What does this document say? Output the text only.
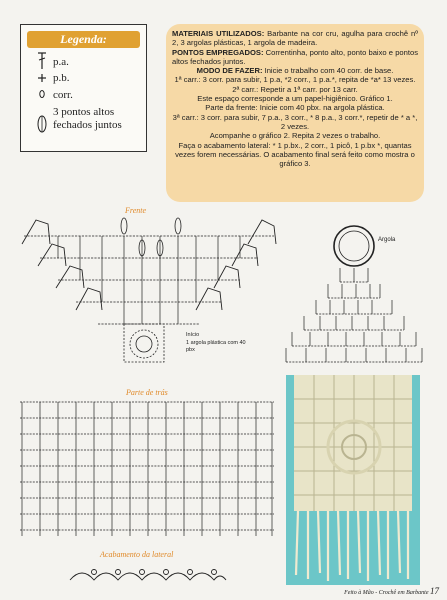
Legenda:
p.a.
p.b.
corr.
3 pontos altos fechados juntos

MATERIAIS UTILIZADOS: Barbante na cor cru, agulha para crochê nº 2, 3 argolas plásticas, 1 argola de madeira.

PONTOS EMPREGADOS: Correntinha, ponto alto, ponto baixo e pontos altos fechados juntos.

MODO DE FAZER: Inicie o trabalho com 40 corr. de base.

1ª carr.: 3 corr. para subir, 1 p.a, *2 corr., 1 p.a.*, repita de *a* 13 vezes.

2ª carr.: Repetir a 1ª carr. por 13 carr.

Este espaço corresponde a um papel-higiênico. Gráfico 1.

Parte da frente: Inicie com 40 pbx. na argola plástica.

3ª carr.: 3 corr. para subir, 7 p.a., 3 corr., * 8 p.a., 3 corr.*, repetir de * a *, 2 vezes.

Acompanhe o gráfico 2. Repita 2 vezes o trabalho.

Faça o acabamento lateral: * 1 p.bx., 2 corr., 1 picô, 1 p.bx *, quantas vezes forem necessárias. O acabamento final será feito como mostra o gráfico 3.

Frente
Início
1 argola plástica com 40 pbx
Argola
Parte de trás
Acabamento da lateral
Feito à Mão - Crochê em Barbante 17
